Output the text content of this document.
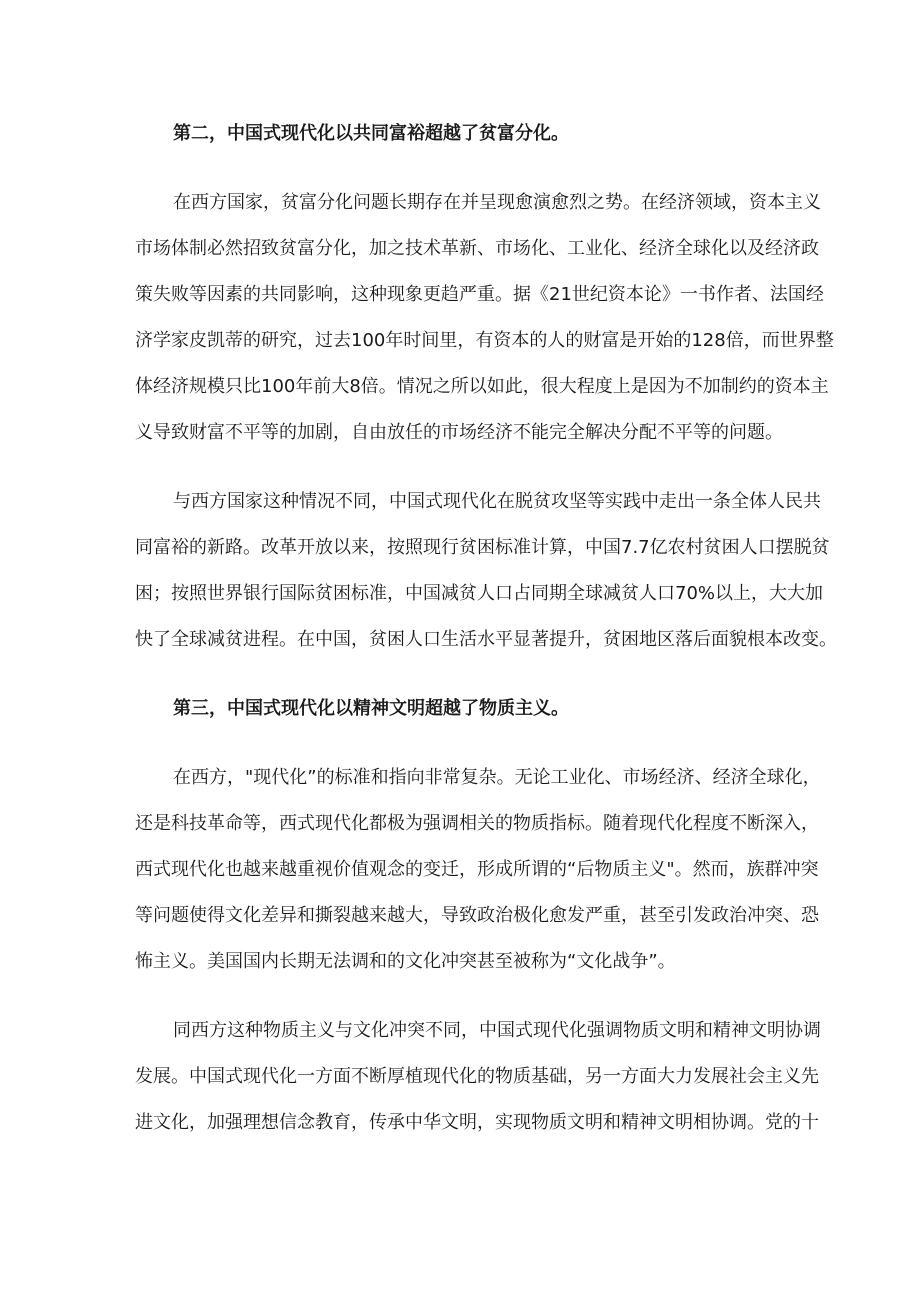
第二，中国式现代化以共同富裕超越了贫富分化。

在西方国家，贫富分化问题长期存在并呈现愈演愈烈之势。在经济领域，资本主义

市场体制必然招致贫富分化，加之技术革新、市场化、工业化、经济全球化以及经济政

策失败等因素的共同影响，这种现象更趋严重。据《21世纪资本论》一书作者、法国经

济学家皮凯蒂的研究，过去100年时间里，有资本的人的财富是开始的128倍，而世界整

体经济规模只比100年前大8倍。情况之所以如此，很大程度上是因为不加制约的资本主

义导致财富不平等的加剧，自由放任的市场经济不能完全解决分配不平等的问题。

与西方国家这种情况不同，中国式现代化在脱贫攻坚等实践中走出一条全体人民共

同富裕的新路。改革开放以来，按照现行贫困标准计算，中国7.7亿农村贫困人口摆脱贫

困；按照世界银行国际贫困标准，中国减贫人口占同期全球减贫人口70%以上，大大加

快了全球减贫进程。在中国，贫困人口生活水平显著提升，贫困地区落后面貌根本改变。

第三，中国式现代化以精神文明超越了物质主义。

在西方，"现代化”的标准和指向非常复杂。无论工业化、市场经济、经济全球化，

还是科技革命等，西式现代化都极为强调相关的物质指标。随着现代化程度不断深入，

西式现代化也越来越重视价值观念的变迁，形成所谓的“后物质主义"。然而，族群冲突

等问题使得文化差异和撕裂越来越大，导致政治极化愈发严重，甚至引发政治冲突、恐

怖主义。美国国内长期无法调和的文化冲突甚至被称为“文化战争”。

同西方这种物质主义与文化冲突不同，中国式现代化强调物质文明和精神文明协调

发展。中国式现代化一方面不断厚植现代化的物质基础，另一方面大力发展社会主义先

进文化，加强理想信念教育，传承中华文明，实现物质文明和精神文明相协调。党的十
